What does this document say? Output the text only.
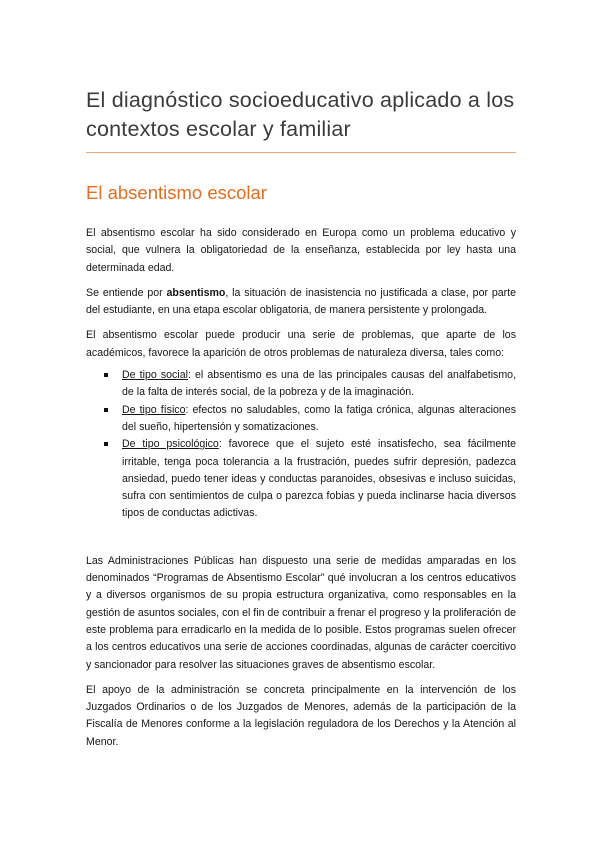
El diagnóstico socioeducativo aplicado a los contextos escolar y familiar
El absentismo escolar

El absentismo escolar ha sido considerado en Europa como un problema educativo y social, que vulnera la obligatoriedad de la enseñanza, establecida por ley hasta una determinada edad.

Se entiende por absentismo, la situación de inasistencia no justificada a clase, por parte del estudiante, en una etapa escolar obligatoria, de manera persistente y prolongada.

El absentismo escolar puede producir una serie de problemas, que aparte de los académicos, favorece la aparición de otros problemas de naturaleza diversa, tales como:

De tipo social: el absentismo es una de las principales causas del analfabetismo, de la falta de interés social, de la pobreza y de la imaginación.
De tipo físico: efectos no saludables, como la fatiga crónica, algunas alteraciones del sueño, hipertensión y somatizaciones.
De tipo psicológico: favorece que el sujeto esté insatisfecho, sea fácilmente irritable, tenga poca tolerancia a la frustración, puedes sufrir depresión, padezca ansiedad, puedo tener ideas y conductas paranoides, obsesivas e incluso suicidas, sufra con sentimientos de culpa o parezca fobias y pueda inclinarse hacia diversos tipos de conductas adictivas.

Las Administraciones Públicas han dispuesto una serie de medidas amparadas en los denominados “Programas de Absentismo Escolar” qué involucran a los centros educativos y a diversos organismos de su propia estructura organizativa, como responsables en la gestión de asuntos sociales, con el fin de contribuir a frenar el progreso y la proliferación de este problema para erradicarlo en la medida de lo posible. Estos programas suelen ofrecer a los centros educativos una serie de acciones coordinadas, algunas de carácter coercitivo y sancionador para resolver las situaciones graves de absentismo escolar.

El apoyo de la administración se concreta principalmente en la intervención de los Juzgados Ordinarios o de los Juzgados de Menores, además de la participación de la Fiscalía de Menores conforme a la legislación reguladora de los Derechos y la Atención al Menor.
